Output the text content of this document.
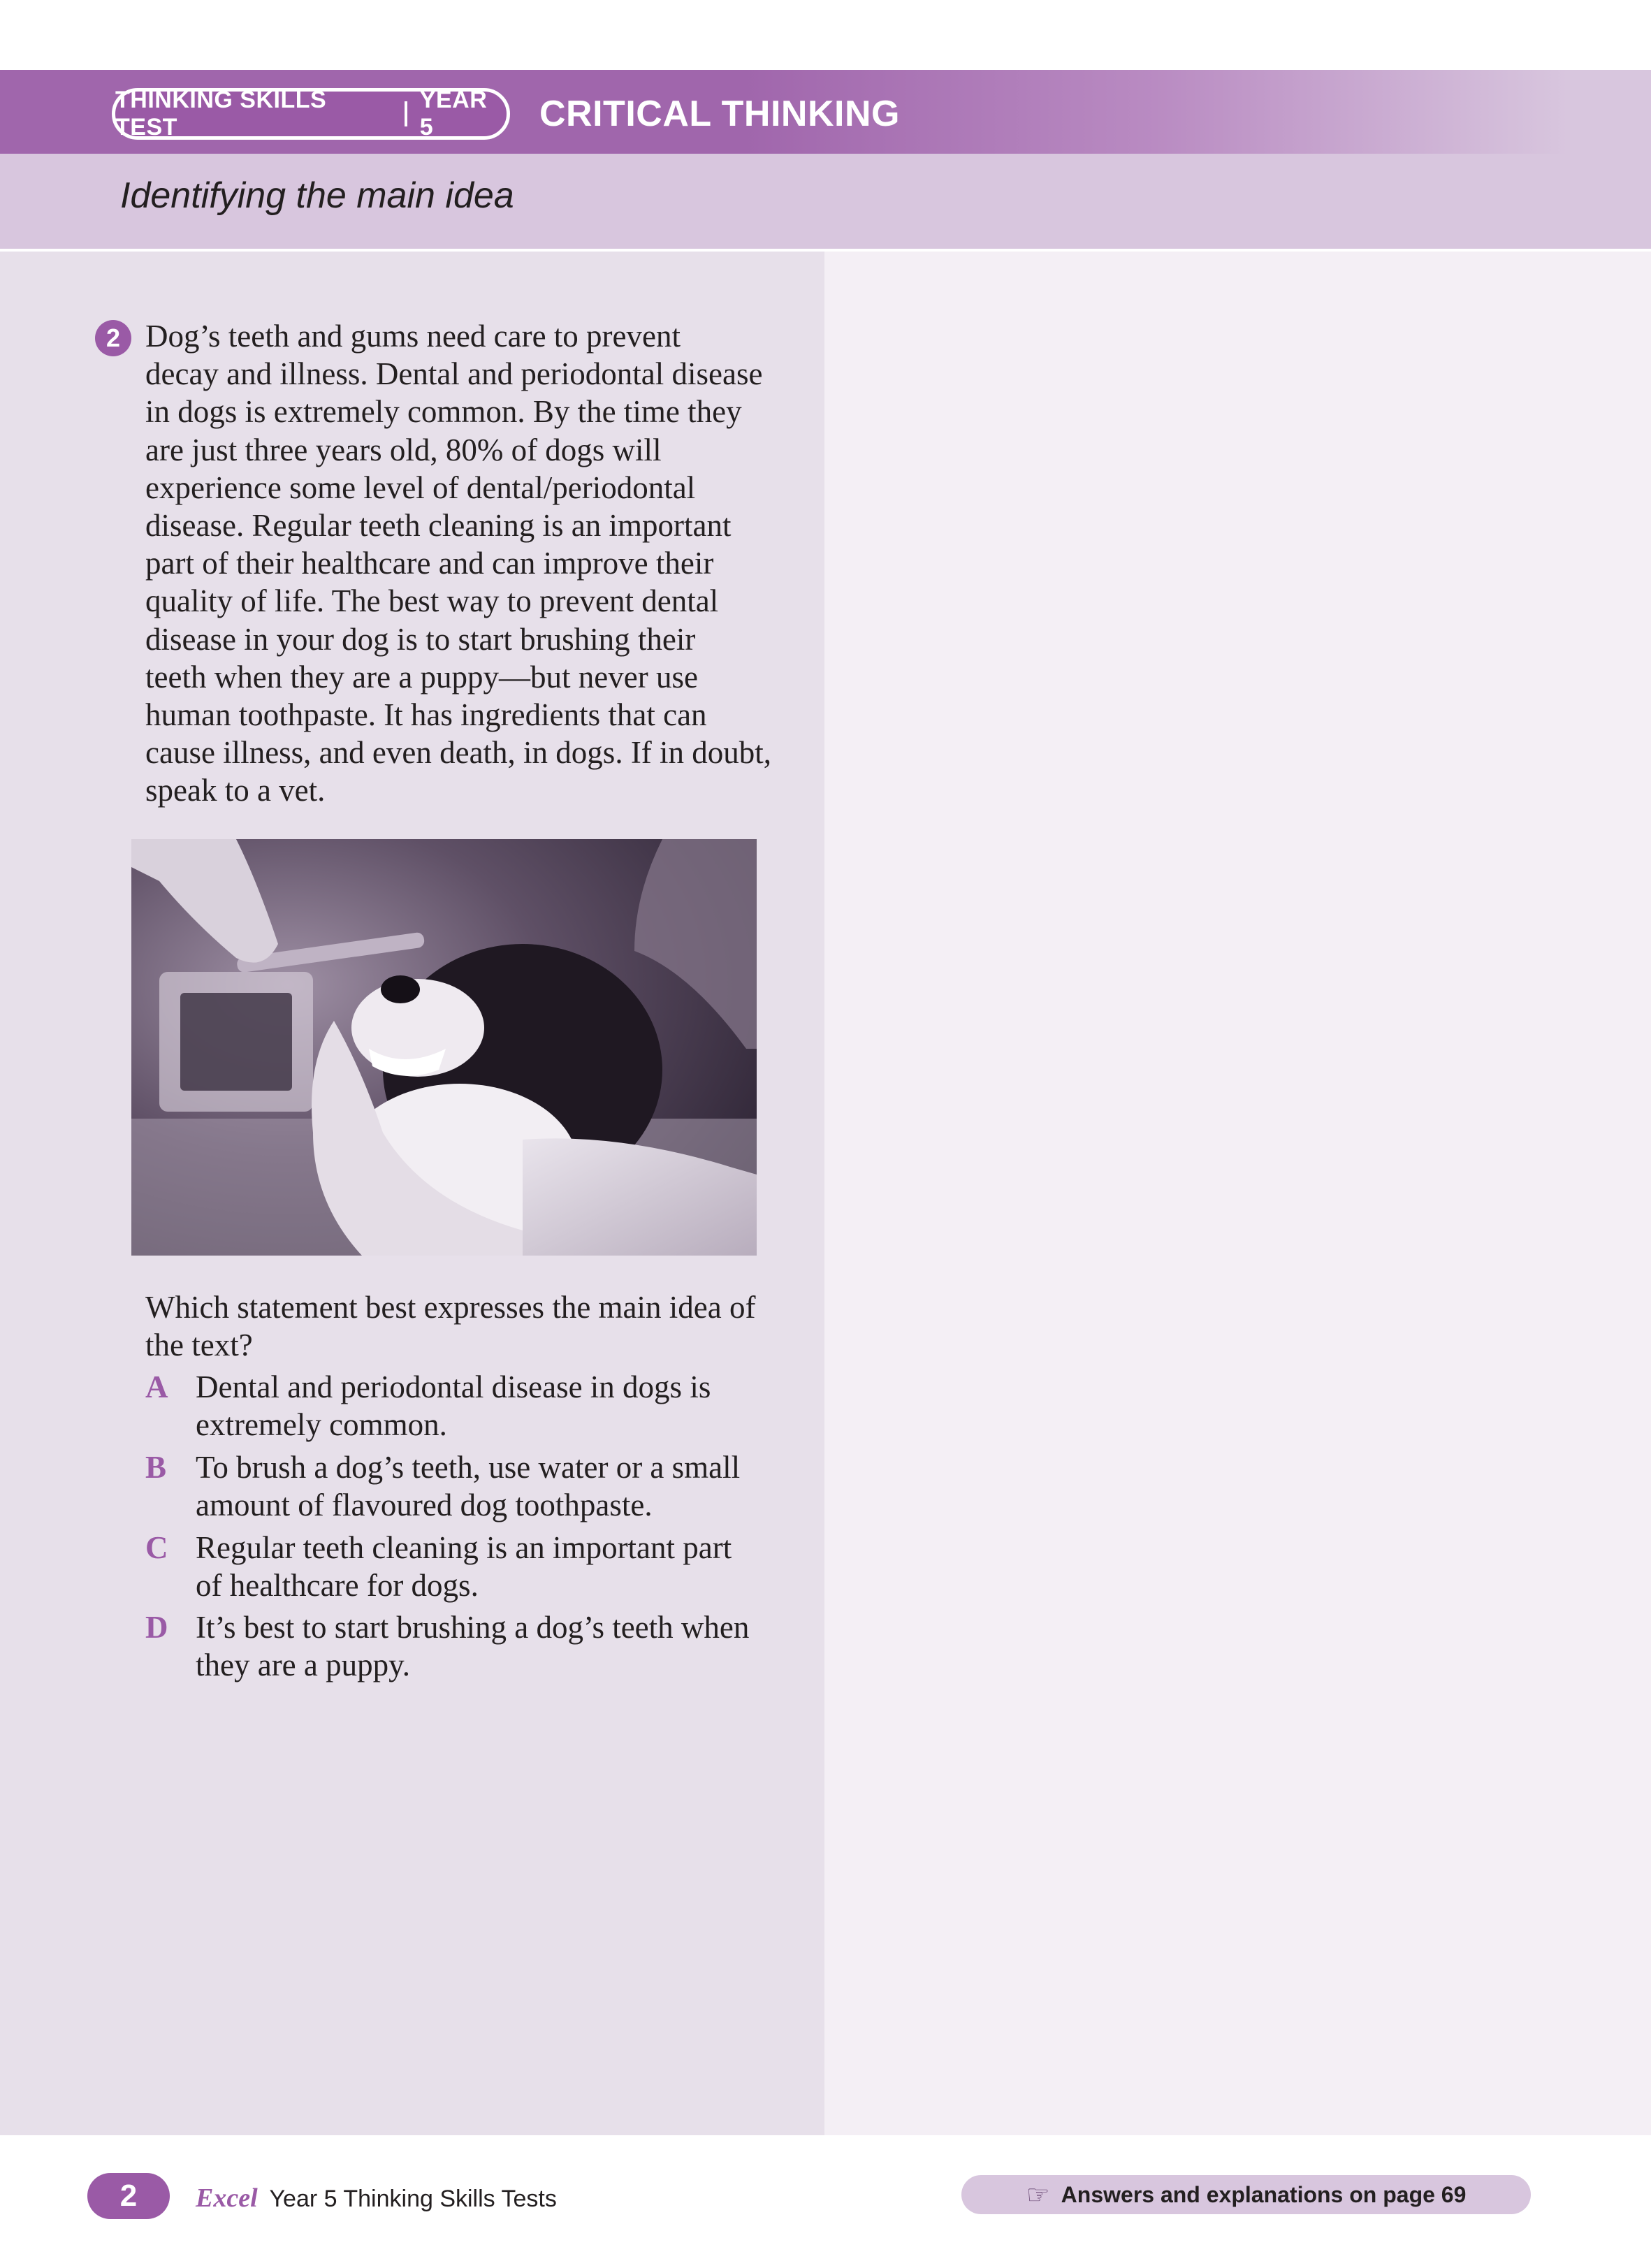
THINKING SKILLS TEST
YEAR 5	CRITICAL THINKING
Identifying the main idea
2 Dog’s teeth and gums need care to prevent
decay and illness. Dental and periodontal disease
in dogs is extremely common. By the time they
are just three years old, 80% of dogs will
experience some level of dental/periodontal
disease. Regular teeth cleaning is an important
part of their healthcare and can improve their
quality of life. The best way to prevent dental
disease in your dog is to start brushing their
teeth when they are a puppy—but never use
human toothpaste. It has ingredients that can
cause illness, and even death, in dogs. If in doubt,
speak to a vet.
Which statement best expresses the main idea of
the text?
A Dental and periodontal disease in dogs is
extremely common.
B To brush a dog’s teeth, use water or a small
amount of flavoured dog toothpaste.
C Regular teeth cleaning is an important part
of healthcare for dogs.
D It’s best to start brushing a dog’s teeth when
they are a puppy.
2	Excel Year 5 Thinking Skills Tests	☞ Answers and explanations on page 69
